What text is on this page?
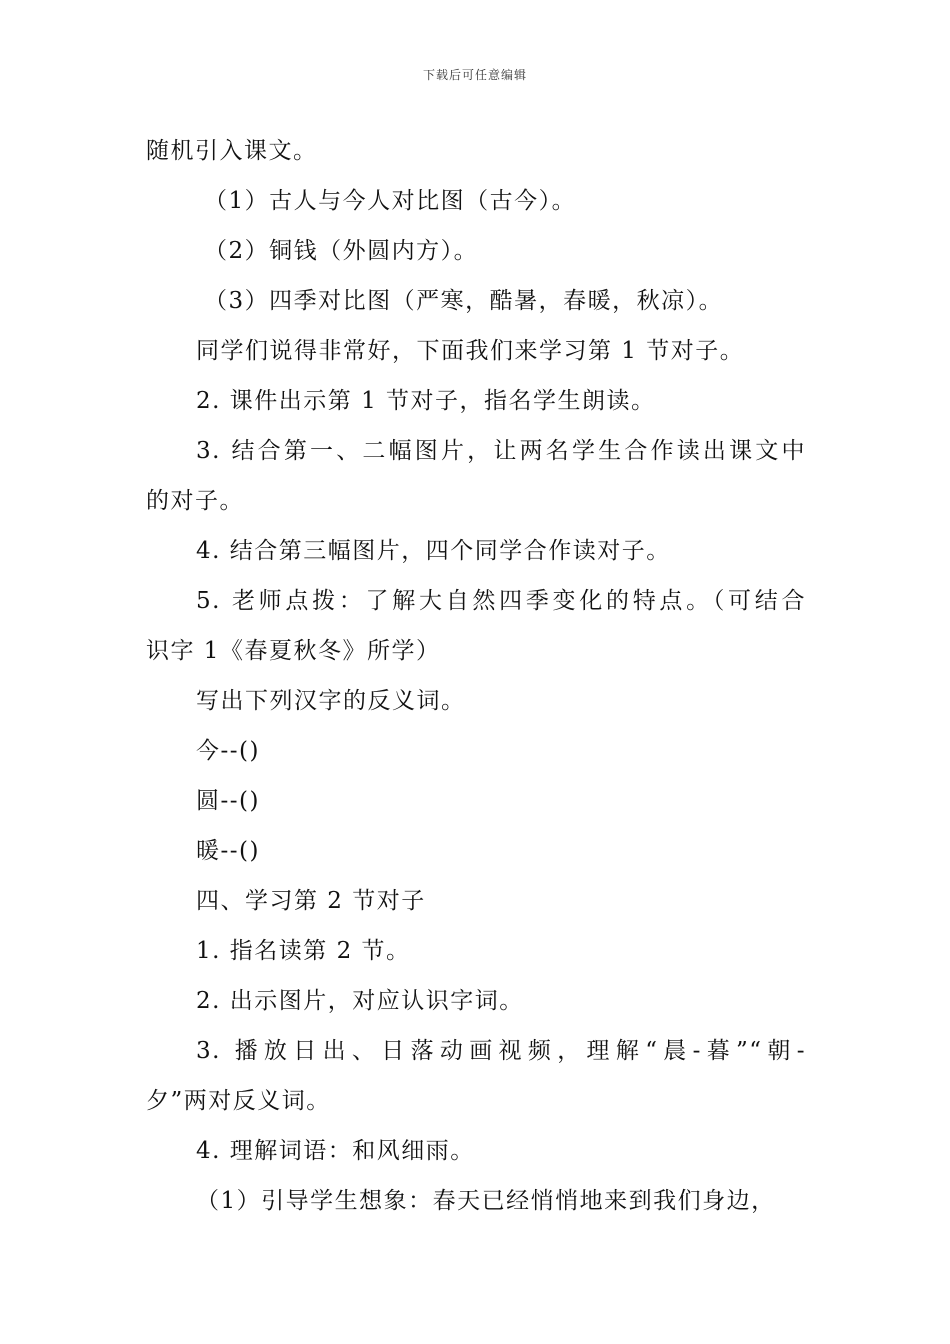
下载后可任意编辑
随机引入课文。
（1）古人与今人对比图（古今）。
（2）铜钱（外圆内方）。
（3）四季对比图（严寒，酷暑，春暖，秋凉）。
同学们说得非常好，下面我们来学习第 1 节对子。
2. 课件出示第 1 节对子，指名学生朗读。
3. 结合第一、二幅图片，让两名学生合作读出课文中
的对子。
4. 结合第三幅图片，四个同学合作读对子。
5. 老师点拨：了解大自然四季变化的特点。（可结合
识字 1《春夏秋冬》所学）
写出下列汉字的反义词。
今--()
圆--()
暖--()
四、学习第 2 节对子
1. 指名读第 2 节。
2. 出示图片，对应认识字词。
3. 播放日出、日落动画视频，理解“晨-暮”“朝-
夕”两对反义词。
4. 理解词语：和风细雨。
（1）引导学生想象：春天已经悄悄地来到我们身边，
